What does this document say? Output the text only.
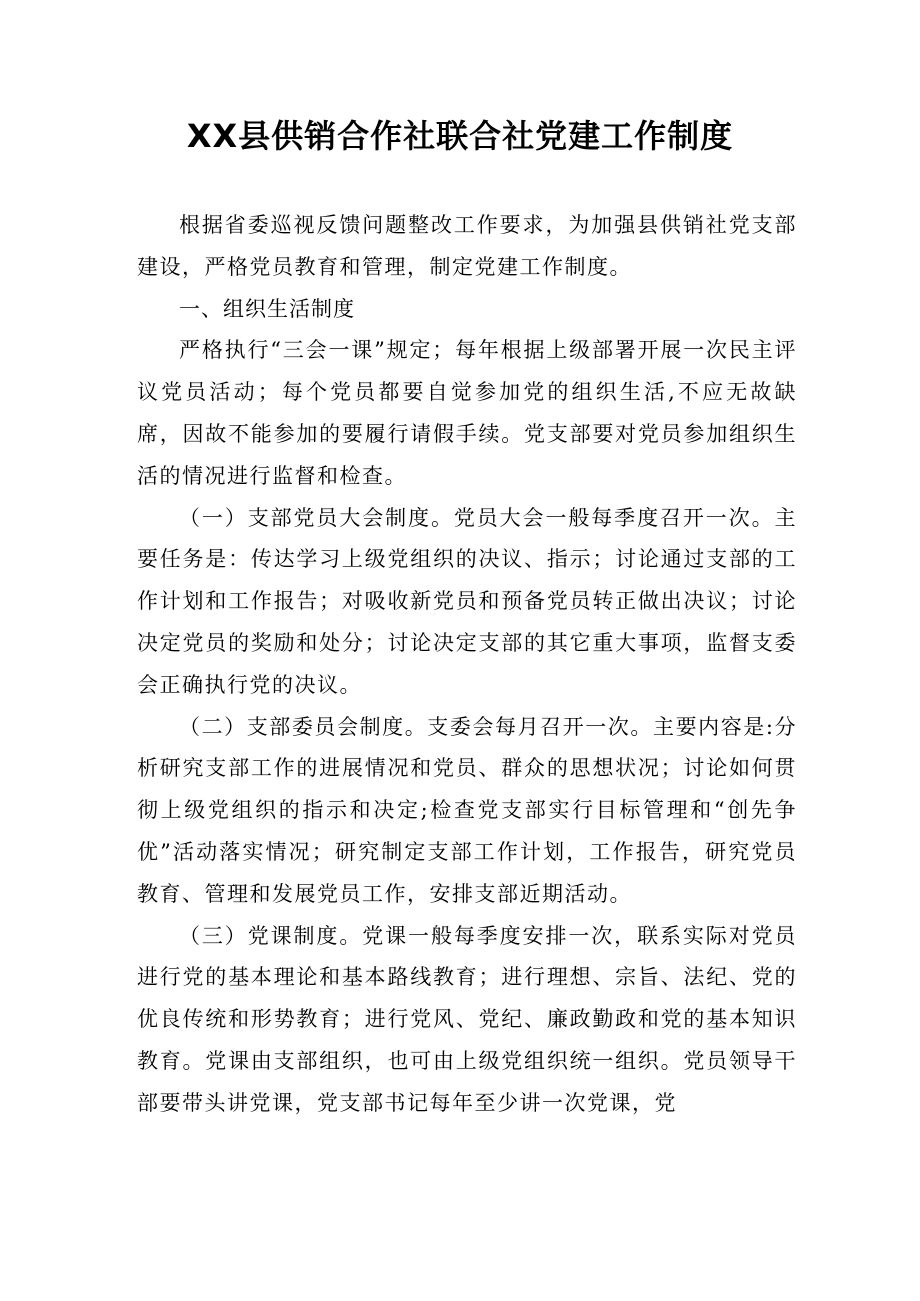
XX县供销合作社联合社党建工作制度

根据省委巡视反馈问题整改工作要求，为加强县供销社党支部建设，严格党员教育和管理，制定党建工作制度。

一、组织生活制度

严格执行“三会一课”规定；每年根据上级部署开展一次民主评议党员活动；每个党员都要自觉参加党的组织生活,不应无故缺席，因故不能参加的要履行请假手续。党支部要对党员参加组织生活的情况进行监督和检查。

（一）支部党员大会制度。党员大会一般每季度召开一次。主要任务是：传达学习上级党组织的决议、指示；讨论通过支部的工作计划和工作报告；对吸收新党员和预备党员转正做出决议；讨论决定党员的奖励和处分；讨论决定支部的其它重大事项，监督支委会正确执行党的决议。

（二）支部委员会制度。支委会每月召开一次。主要内容是:分析研究支部工作的进展情况和党员、群众的思想状况；讨论如何贯彻上级党组织的指示和决定;检查党支部实行目标管理和“创先争优”活动落实情况；研究制定支部工作计划，工作报告，研究党员教育、管理和发展党员工作，安排支部近期活动。

（三）党课制度。党课一般每季度安排一次，联系实际对党员进行党的基本理论和基本路线教育；进行理想、宗旨、法纪、党的优良传统和形势教育；进行党风、党纪、廉政勤政和党的基本知识教育。党课由支部组织，也可由上级党组织统一组织。党员领导干部要带头讲党课，党支部书记每年至少讲一次党课，党
